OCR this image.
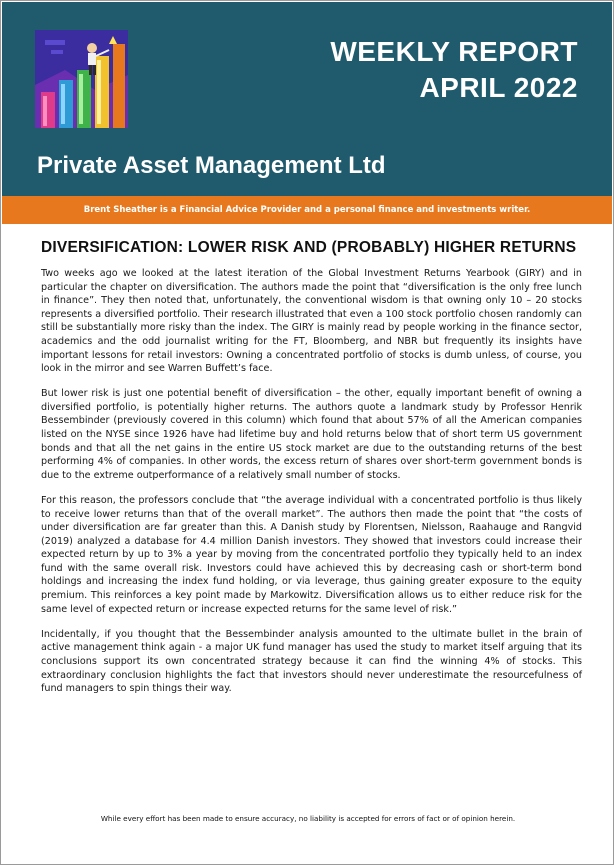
WEEKLY REPORT
APRIL 2022
Private Asset Management Ltd
Brent Sheather is a Financial Advice Provider and a personal finance and investments writer.
DIVERSIFICATION: LOWER RISK AND (PROBABLY) HIGHER RETURNS

Two weeks ago we looked at the latest iteration of the Global Investment Returns Yearbook (GIRY) and in particular the chapter on diversification. The authors made the point that “diversification is the only free lunch in finance”. They then noted that, unfortunately, the conventional wisdom is that owning only 10 – 20 stocks represents a diversified portfolio. Their research illustrated that even a 100 stock portfolio chosen randomly can still be substantially more risky than the index. The GIRY is mainly read by people working in the finance sector, academics and the odd journalist writing for the FT, Bloomberg, and NBR but frequently its insights have important lessons for retail investors: Owning a concentrated portfolio of stocks is dumb unless, of course, you look in the mirror and see Warren Buffett’s face.

But lower risk is just one potential benefit of diversification – the other, equally important benefit of owning a diversified portfolio, is potentially higher returns. The authors quote a landmark study by Professor Henrik Bessembinder (previously covered in this column) which found that about 57% of all the American companies listed on the NYSE since 1926 have had lifetime buy and hold returns below that of short term US government bonds and that all the net gains in the entire US stock market are due to the outstanding returns of the best performing 4% of companies. In other words, the excess return of shares over short-term government bonds is due to the extreme outperformance of a relatively small number of stocks.

For this reason, the professors conclude that “the average individual with a concentrated portfolio is thus likely to receive lower returns than that of the overall market”. The authors then made the point that “the costs of under diversification are far greater than this. A Danish study by Florentsen, Nielsson, Raahauge and Rangvid (2019) analyzed a database for 4.4 million Danish investors. They showed that investors could increase their expected return by up to 3% a year by moving from the concentrated portfolio they typically held to an index fund with the same overall risk. Investors could have achieved this by decreasing cash or short-term bond holdings and increasing the index fund holding, or via leverage, thus gaining greater exposure to the equity premium. This reinforces a key point made by Markowitz. Diversification allows us to either reduce risk for the same level of expected return or increase expected returns for the same level of risk.”

Incidentally, if you thought that the Bessembinder analysis amounted to the ultimate bullet in the brain of active management think again - a major UK fund manager has used the study to market itself arguing that its conclusions support its own concentrated strategy because it can find the winning 4% of stocks. This extraordinary conclusion highlights the fact that investors should never underestimate the resourcefulness of fund managers to spin things their way.

While every effort has been made to ensure accuracy, no liability is accepted for errors of fact or of opinion herein.
